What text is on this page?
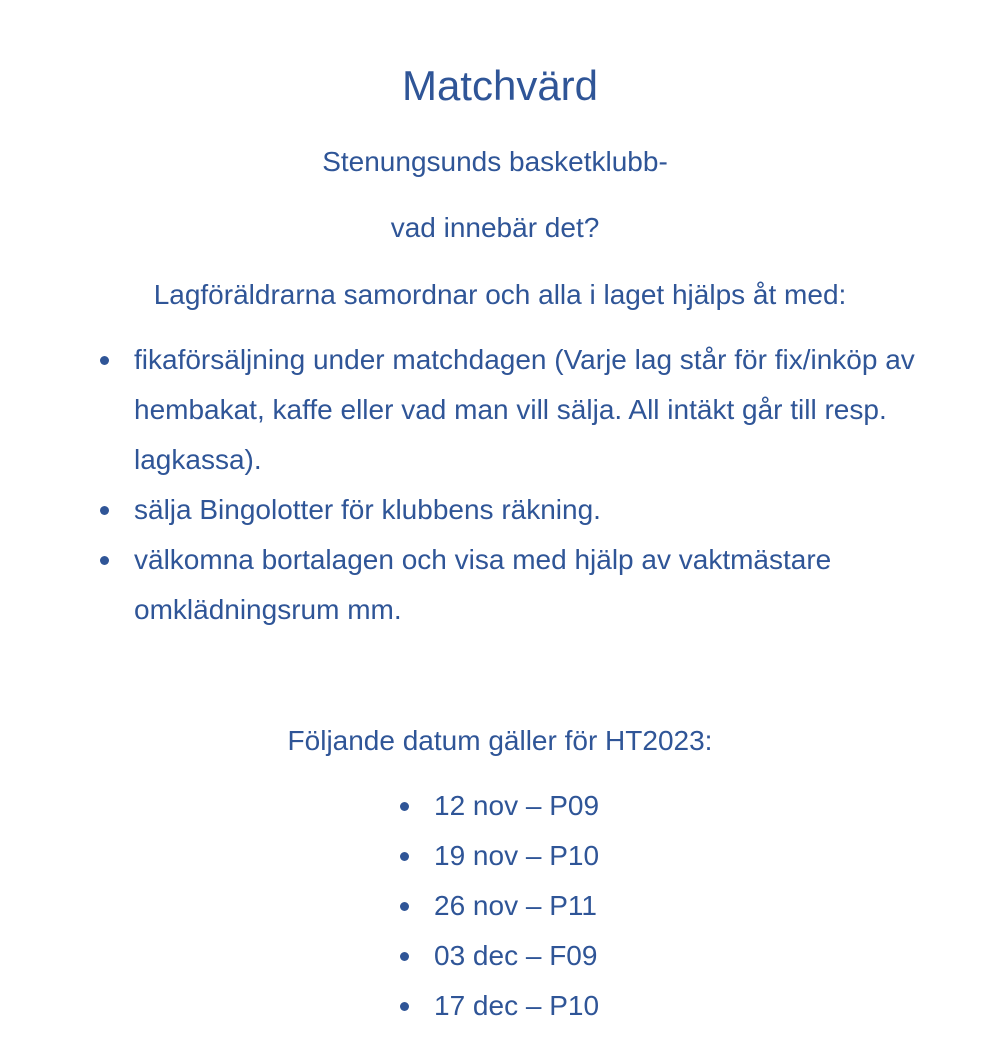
Matchvärd

Stenungsunds basketklubb-

vad innebär det?

Lagföräldrarna samordnar och alla i laget hjälps åt med:

fikaförsäljning under matchdagen (Varje lag står för fix/inköp av hembakat, kaffe eller vad man vill sälja. All intäkt går till resp. lagkassa).
sälja Bingolotter för klubbens räkning.
välkomna bortalagen och visa med hjälp av vaktmästare omklädningsrum mm.

Följande datum gäller för HT2023:

12 nov – P09
19 nov – P10
26 nov – P11
03 dec – F09
17 dec – P10
